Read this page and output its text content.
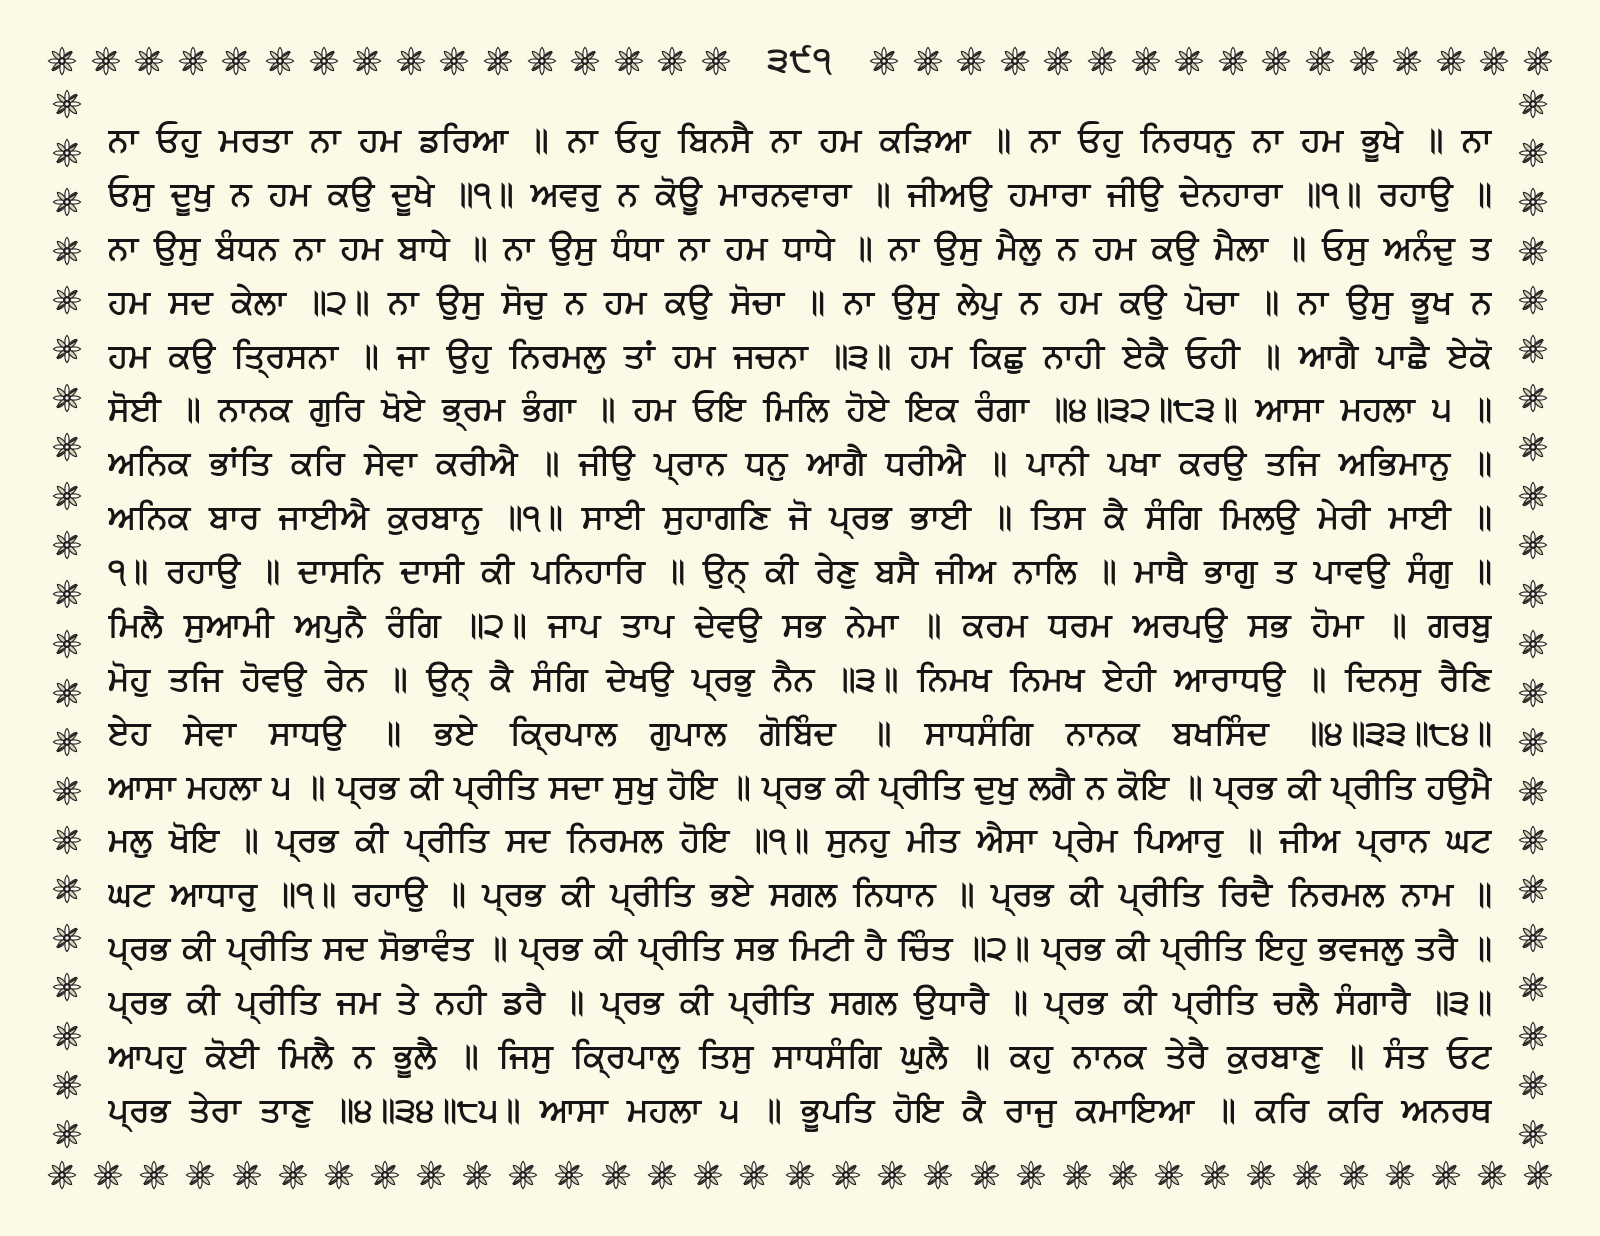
੩੯੧
ਨਾ ਓਹੁ ਮਰਤਾ ਨਾ ਹਮ ਡਰਿਆ ॥ ਨਾ ਓਹੁ ਬਿਨਸੈ ਨਾ ਹਮ ਕੜਿਆ ॥ ਨਾ ਓਹੁ ਨਿਰਧਨੁ ਨਾ ਹਮ ਭੂਖੇ ॥ ਨਾ
ਓਸੁ ਦੂਖੁ ਨ ਹਮ ਕਉ ਦੂਖੇ ॥੧॥ ਅਵਰੁ ਨ ਕੋਊ ਮਾਰਨਵਾਰਾ ॥ ਜੀਅਉ ਹਮਾਰਾ ਜੀਉ ਦੇਨਹਾਰਾ ॥੧॥ ਰਹਾਉ ॥
ਨਾ ਉਸੁ ਬੰਧਨ ਨਾ ਹਮ ਬਾਧੇ ॥ ਨਾ ਉਸੁ ਧੰਧਾ ਨਾ ਹਮ ਧਾਧੇ ॥ ਨਾ ਉਸੁ ਮੈਲੁ ਨ ਹਮ ਕਉ ਮੈਲਾ ॥ ਓਸੁ ਅਨੰਦੁ ਤ
ਹਮ ਸਦ ਕੇਲਾ ॥੨॥ ਨਾ ਉਸੁ ਸੋਚੁ ਨ ਹਮ ਕਉ ਸੋਚਾ ॥ ਨਾ ਉਸੁ ਲੇਪੁ ਨ ਹਮ ਕਉ ਪੋਚਾ ॥ ਨਾ ਉਸੁ ਭੂਖ ਨ
ਹਮ ਕਉ ਤ੍ਰਿਸਨਾ ॥ ਜਾ ਉਹੁ ਨਿਰਮਲੁ ਤਾਂ ਹਮ ਜਚਨਾ ॥੩॥ ਹਮ ਕਿਛੁ ਨਾਹੀ ਏਕੈ ਓਹੀ ॥ ਆਗੈ ਪਾਛੈ ਏਕੋ
ਸੋਈ ॥ ਨਾਨਕ ਗੁਰਿ ਖੋਏ ਭ੍ਰਮ ਭੰਗਾ ॥ ਹਮ ਓਇ ਮਿਲਿ ਹੋਏ ਇਕ ਰੰਗਾ ॥੪॥੩੨॥੮੩॥ ਆਸਾ ਮਹਲਾ ੫ ॥
ਅਨਿਕ ਭਾਂਤਿ ਕਰਿ ਸੇਵਾ ਕਰੀਐ ॥ ਜੀਉ ਪ੍ਰਾਨ ਧਨੁ ਆਗੈ ਧਰੀਐ ॥ ਪਾਨੀ ਪਖਾ ਕਰਉ ਤਜਿ ਅਭਿਮਾਨੁ ॥
ਅਨਿਕ ਬਾਰ ਜਾਈਐ ਕੁਰਬਾਨੁ ॥੧॥ ਸਾਈ ਸੁਹਾਗਣਿ ਜੋ ਪ੍ਰਭ ਭਾਈ ॥ ਤਿਸ ਕੈ ਸੰਗਿ ਮਿਲਉ ਮੇਰੀ ਮਾਈ ॥
੧॥ ਰਹਾਉ ॥ ਦਾਸਨਿ ਦਾਸੀ ਕੀ ਪਨਿਹਾਰਿ ॥ ਉਨ੍ ਕੀ ਰੇਣੁ ਬਸੈ ਜੀਅ ਨਾਲਿ ॥ ਮਾਥੈ ਭਾਗੁ ਤ ਪਾਵਉ ਸੰਗੁ ॥
ਮਿਲੈ ਸੁਆਮੀ ਅਪੁਨੈ ਰੰਗਿ ॥੨॥ ਜਾਪ ਤਾਪ ਦੇਵਉ ਸਭ ਨੇਮਾ ॥ ਕਰਮ ਧਰਮ ਅਰਪਉ ਸਭ ਹੋਮਾ ॥ ਗਰਬੁ
ਮੋਹੁ ਤਜਿ ਹੋਵਉ ਰੇਨ ॥ ਉਨ੍ ਕੈ ਸੰਗਿ ਦੇਖਉ ਪ੍ਰਭੁ ਨੈਨ ॥੩॥ ਨਿਮਖ ਨਿਮਖ ਏਹੀ ਆਰਾਧਉ ॥ ਦਿਨਸੁ ਰੈਣਿ
ਏਹ ਸੇਵਾ ਸਾਧਉ ॥ ਭਏ ਕ੍ਰਿਪਾਲ ਗੁਪਾਲ ਗੋਬਿੰਦ ॥ ਸਾਧਸੰਗਿ ਨਾਨਕ ਬਖਸਿੰਦ ॥੪॥੩੩॥੮੪॥
ਆਸਾ ਮਹਲਾ ੫ ॥ ਪ੍ਰਭ ਕੀ ਪ੍ਰੀਤਿ ਸਦਾ ਸੁਖੁ ਹੋਇ ॥ ਪ੍ਰਭ ਕੀ ਪ੍ਰੀਤਿ ਦੁਖੁ ਲਗੈ ਨ ਕੋਇ ॥ ਪ੍ਰਭ ਕੀ ਪ੍ਰੀਤਿ ਹਉਮੈ
ਮਲੁ ਖੋਇ ॥ ਪ੍ਰਭ ਕੀ ਪ੍ਰੀਤਿ ਸਦ ਨਿਰਮਲ ਹੋਇ ॥੧॥ ਸੁਨਹੁ ਮੀਤ ਐਸਾ ਪ੍ਰੇਮ ਪਿਆਰੁ ॥ ਜੀਅ ਪ੍ਰਾਨ ਘਟ
ਘਟ ਆਧਾਰੁ ॥੧॥ ਰਹਾਉ ॥ ਪ੍ਰਭ ਕੀ ਪ੍ਰੀਤਿ ਭਏ ਸਗਲ ਨਿਧਾਨ ॥ ਪ੍ਰਭ ਕੀ ਪ੍ਰੀਤਿ ਰਿਦੈ ਨਿਰਮਲ ਨਾਮ ॥
ਪ੍ਰਭ ਕੀ ਪ੍ਰੀਤਿ ਸਦ ਸੋਭਾਵੰਤ ॥ ਪ੍ਰਭ ਕੀ ਪ੍ਰੀਤਿ ਸਭ ਮਿਟੀ ਹੈ ਚਿੰਤ ॥੨॥ ਪ੍ਰਭ ਕੀ ਪ੍ਰੀਤਿ ਇਹੁ ਭਵਜਲੁ ਤਰੈ ॥
ਪ੍ਰਭ ਕੀ ਪ੍ਰੀਤਿ ਜਮ ਤੇ ਨਹੀ ਡਰੈ ॥ ਪ੍ਰਭ ਕੀ ਪ੍ਰੀਤਿ ਸਗਲ ਉਧਾਰੈ ॥ ਪ੍ਰਭ ਕੀ ਪ੍ਰੀਤਿ ਚਲੈ ਸੰਗਾਰੈ ॥੩॥
ਆਪਹੁ ਕੋਈ ਮਿਲੈ ਨ ਭੂਲੈ ॥ ਜਿਸੁ ਕ੍ਰਿਪਾਲੁ ਤਿਸੁ ਸਾਧਸੰਗਿ ਘੁਲੈ ॥ ਕਹੁ ਨਾਨਕ ਤੇਰੈ ਕੁਰਬਾਣੁ ॥ ਸੰਤ ਓਟ
ਪ੍ਰਭ ਤੇਰਾ ਤਾਣੁ ॥੪॥੩੪॥੮੫॥ ਆਸਾ ਮਹਲਾ ੫ ॥ ਭੂਪਤਿ ਹੋਇ ਕੈ ਰਾਜੁ ਕਮਾਇਆ ॥ ਕਰਿ ਕਰਿ ਅਨਰਥ
